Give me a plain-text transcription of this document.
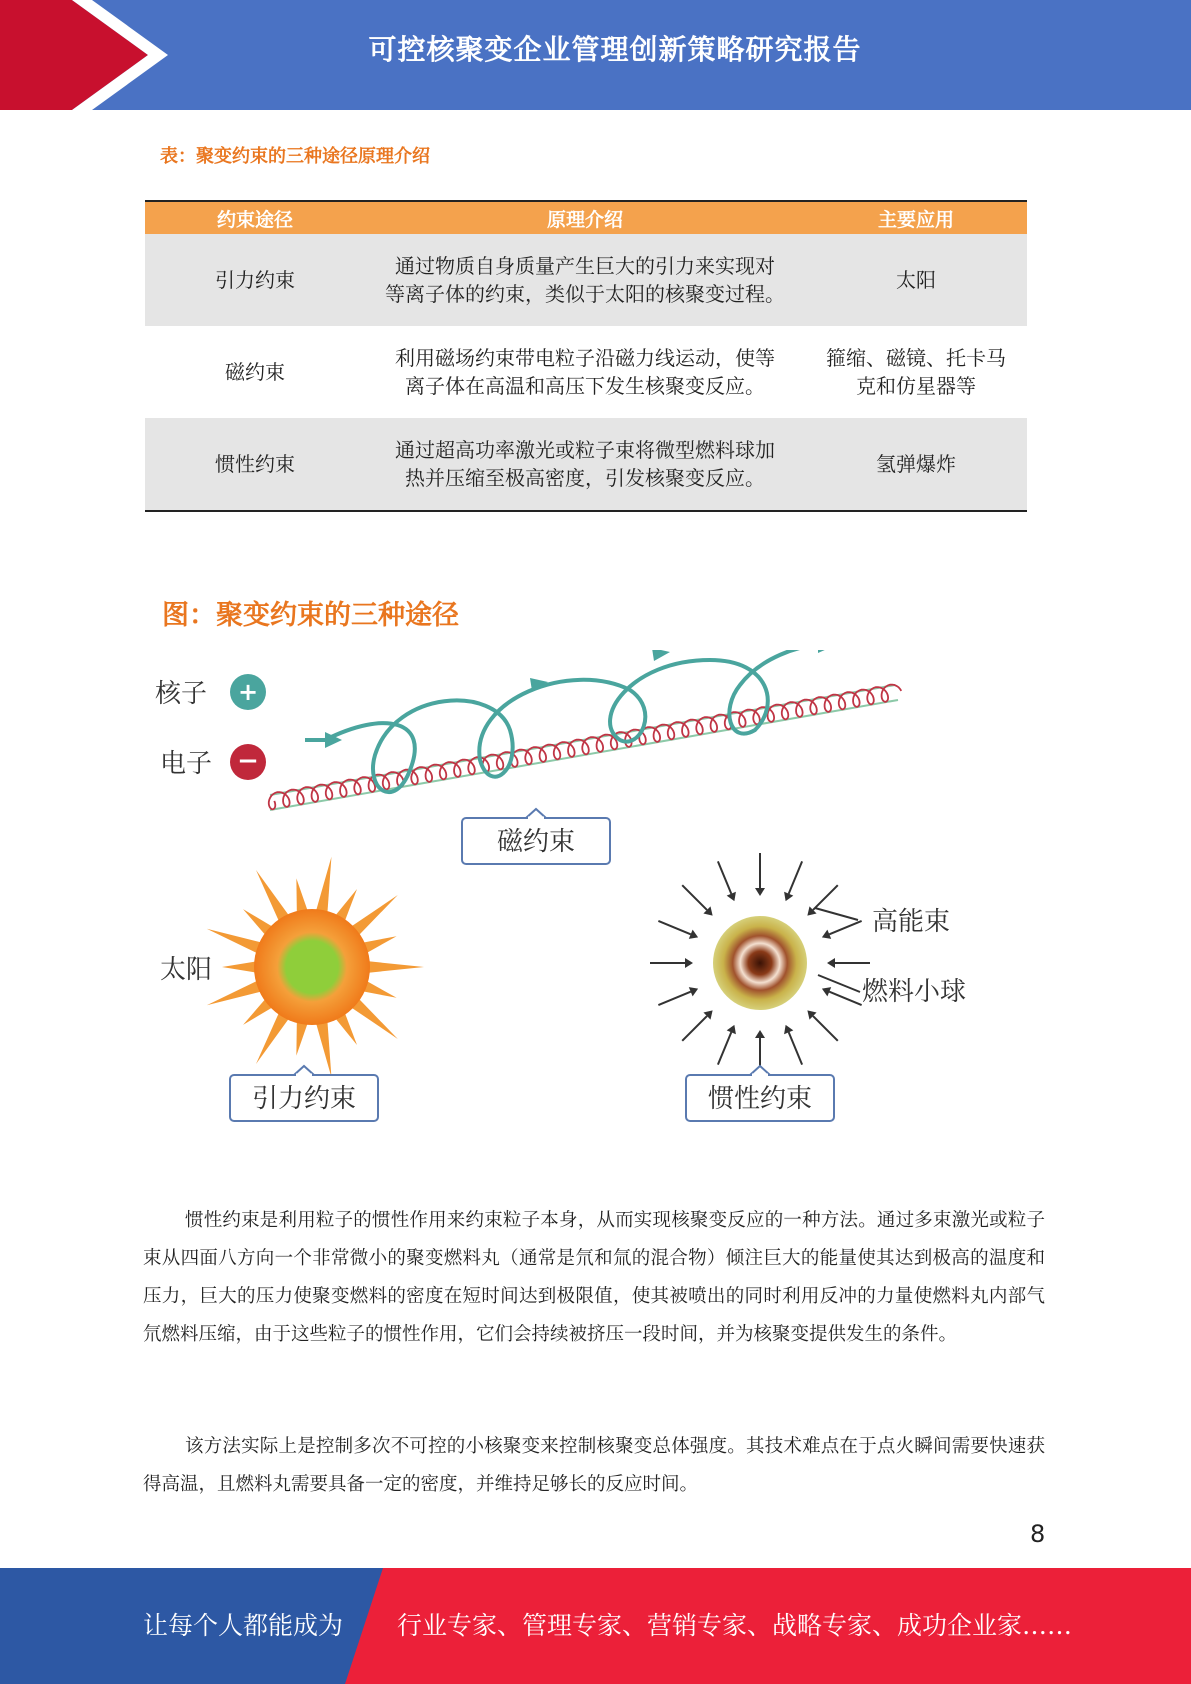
可控核聚变企业管理创新策略研究报告
表：聚变约束的三种途径原理介绍
约束途径	原理介绍	主要应用
引力约束
通过物质自身质量产生巨大的引力来实现对
等离子体的约束，类似于太阳的核聚变过程。
太阳
磁约束
利用磁场约束带电粒子沿磁力线运动，使等
离子体在高温和高压下发生核聚变反应。
箍缩、磁镜、托卡马
克和仿星器等
惯性约束
通过超高功率激光或粒子束将微型燃料球加
热并压缩至极高密度，引发核聚变反应。
氢弹爆炸
图：聚变约束的三种途径
+
−
核子
电子
磁约束
太阳
引力约束
高能束
燃料小球
惯性约束

惯性约束是利用粒子的惯性作用来约束粒子本身，从而实现核聚变反应的一种方法。通过多束激光或粒子束从四面八方向一个非常微小的聚变燃料丸（通常是氘和氚的混合物）倾注巨大的能量使其达到极高的温度和压力，巨大的压力使聚变燃料的密度在短时间达到极限值，使其被喷出的同时利用反冲的力量使燃料丸内部气氘燃料压缩，由于这些粒子的惯性作用，它们会持续被挤压一段时间，并为核聚变提供发生的条件。

该方法实际上是控制多次不可控的小核聚变来控制核聚变总体强度。其技术难点在于点火瞬间需要快速获得高温，且燃料丸需要具备一定的密度，并维持足够长的反应时间。

8
让每个人都能成为 行业专家、管理专家、营销专家、战略专家、成功企业家……
